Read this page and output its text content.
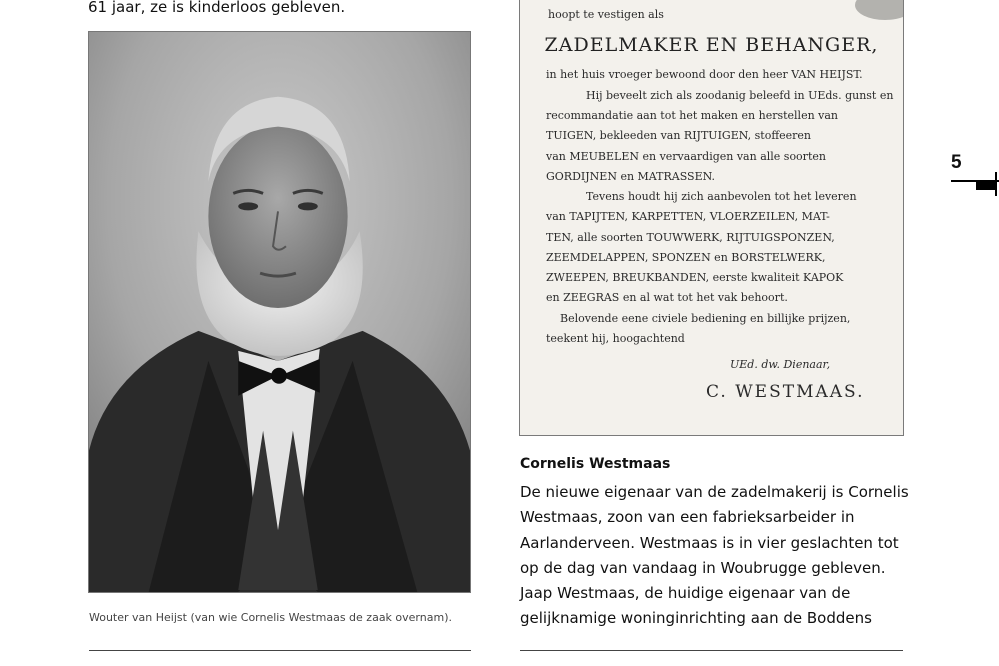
61 jaar, ze is kinderloos gebleven.
Wouter van Heijst (van wie Cornelis Westmaas de zaak overnam).
hoopt te vestigen als
ZADELMAKER EN BEHANGER,
in het huis vroeger bewoond door den heer VAN HEIJST.
Hij beveelt zich als zoodanig beleefd in UEds. gunst en
recommandatie aan tot het maken en herstellen van
TUIGEN, bekleeden van RIJTUIGEN, stoffeeren
van MEUBELEN en vervaardigen van alle soorten
GORDIJNEN en MATRASSEN.
Tevens houdt hij zich aanbevolen tot het leveren
van TAPIJTEN, KARPETTEN, VLOERZEILEN, MAT-
TEN, alle soorten TOUWWERK, RIJTUIGSPONZEN,
ZEEMDELAPPEN, SPONZEN en BORSTELWERK,
ZWEEPEN, BREUKBANDEN, eerste kwaliteit KAPOK
en ZEEGRAS en al wat tot het vak behoort.
Belovende eene civiele bediening en billijke prijzen,
teekent hij, hoogachtend
UEd. dw. Dienaar,
C. WESTMAAS.
Cornelis Westmaas
De nieuwe eigenaar van de zadelmakerij is Cornelis
Westmaas, zoon van een fabrieksarbeider in
Aarlanderveen. Westmaas is in vier geslachten tot
op de dag van vandaag in Woubrugge gebleven.
Jaap Westmaas, de huidige eigenaar van de
gelijknamige woninginrichting aan de Boddens
5
